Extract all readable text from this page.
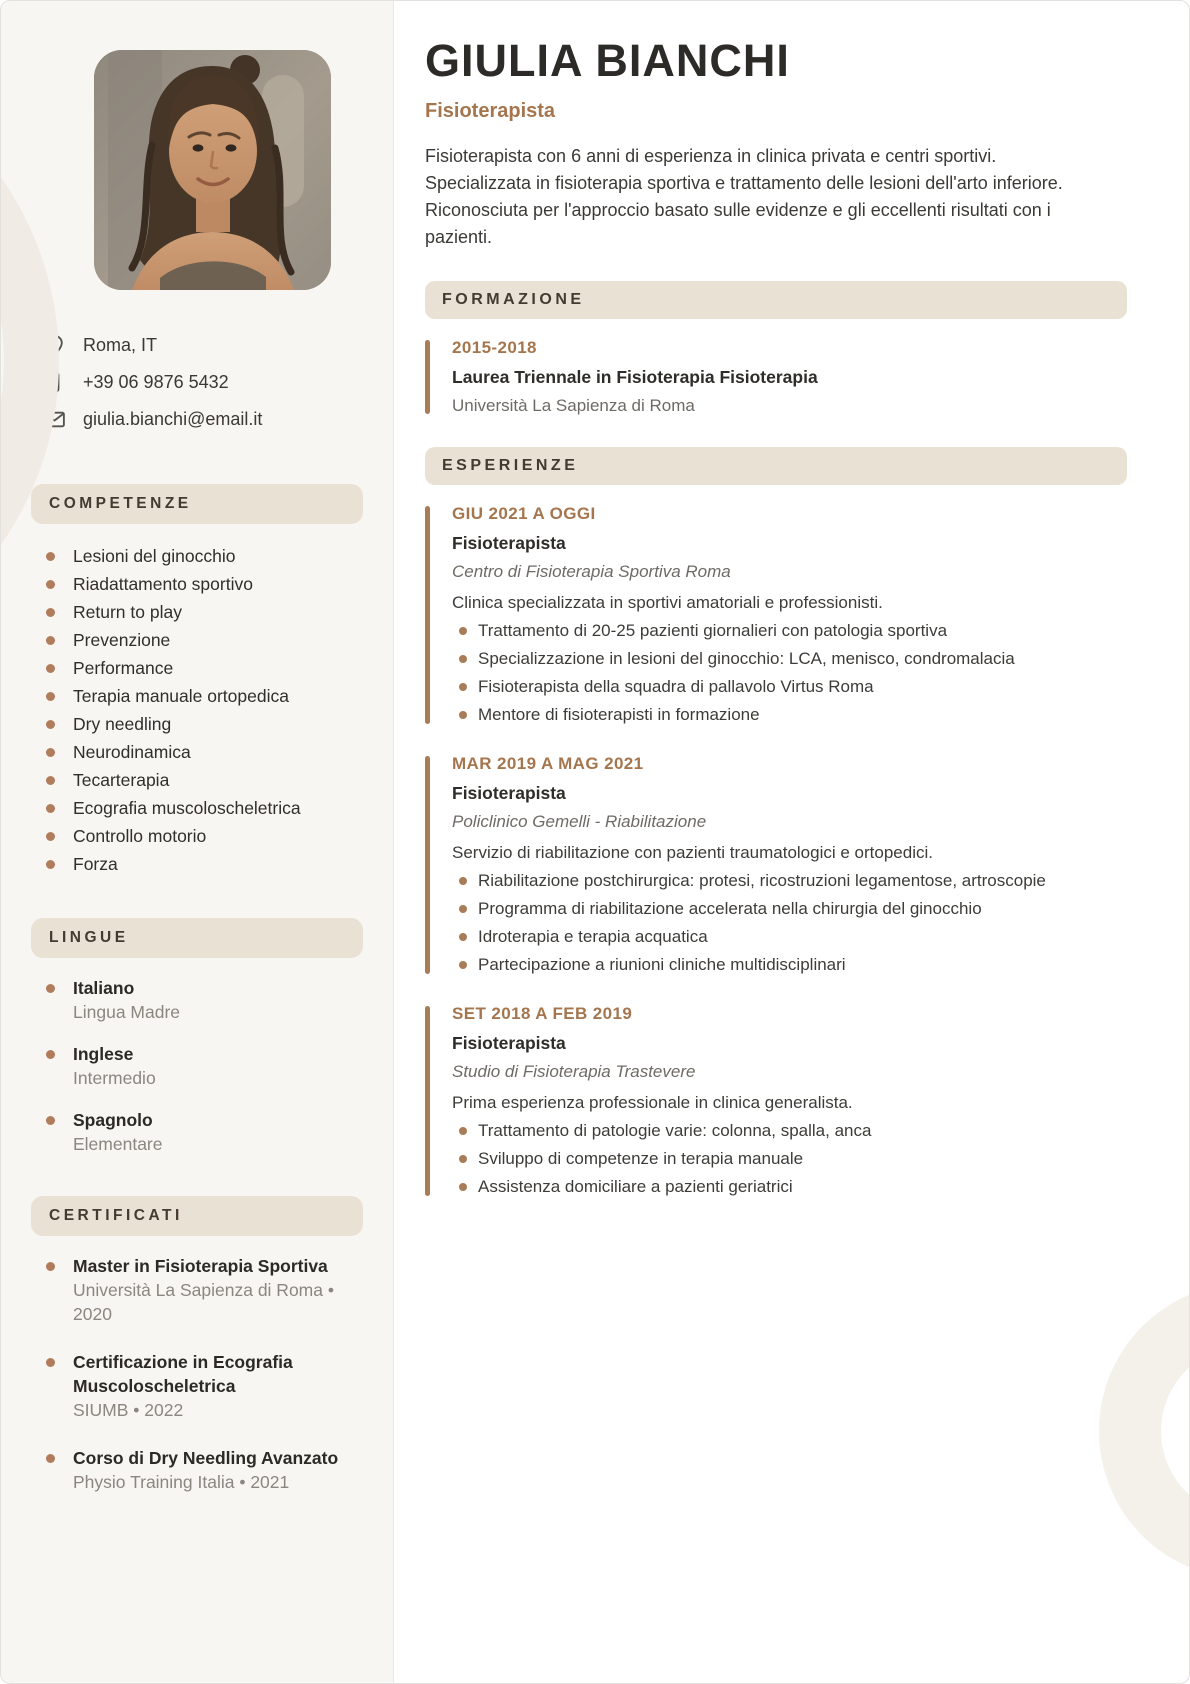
Roma, IT
+39 06 9876 5432
giulia.bianchi@email.it
COMPETENZE
Lesioni del ginocchio
Riadattamento sportivo
Return to play
Prevenzione
Performance
Terapia manuale ortopedica
Dry needling
Neurodinamica
Tecarterapia
Ecografia muscoloscheletrica
Controllo motorio
Forza
LINGUE
Italiano
Lingua Madre
Inglese
Intermedio
Spagnolo
Elementare
CERTIFICATI
Master in Fisioterapia Sportiva
Università La Sapienza di Roma • 2020
Certificazione in Ecografia Muscoloscheletrica
SIUMB • 2022
Corso di Dry Needling Avanzato
Physio Training Italia • 2021
GIULIA BIANCHI
Fisioterapista

Fisioterapista con 6 anni di esperienza in clinica privata e centri sportivi. Specializzata in fisioterapia sportiva e trattamento delle lesioni dell'arto inferiore. Riconosciuta per l'approccio basato sulle evidenze e gli eccellenti risultati con i pazienti.

FORMAZIONE
2015-2018
Laurea Triennale in Fisioterapia Fisioterapia
Università La Sapienza di Roma
ESPERIENZE
GIU 2021 A OGGI
Fisioterapista
Centro di Fisioterapia Sportiva Roma
Clinica specializzata in sportivi amatoriali e professionisti.
Trattamento di 20-25 pazienti giornalieri con patologia sportiva
Specializzazione in lesioni del ginocchio: LCA, menisco, condromalacia
Fisioterapista della squadra di pallavolo Virtus Roma
Mentore di fisioterapisti in formazione
MAR 2019 A MAG 2021
Fisioterapista
Policlinico Gemelli - Riabilitazione
Servizio di riabilitazione con pazienti traumatologici e ortopedici.
Riabilitazione postchirurgica: protesi, ricostruzioni legamentose, artroscopie
Programma di riabilitazione accelerata nella chirurgia del ginocchio
Idroterapia e terapia acquatica
Partecipazione a riunioni cliniche multidisciplinari
SET 2018 A FEB 2019
Fisioterapista
Studio di Fisioterapia Trastevere
Prima esperienza professionale in clinica generalista.
Trattamento di patologie varie: colonna, spalla, anca
Sviluppo di competenze in terapia manuale
Assistenza domiciliare a pazienti geriatrici
